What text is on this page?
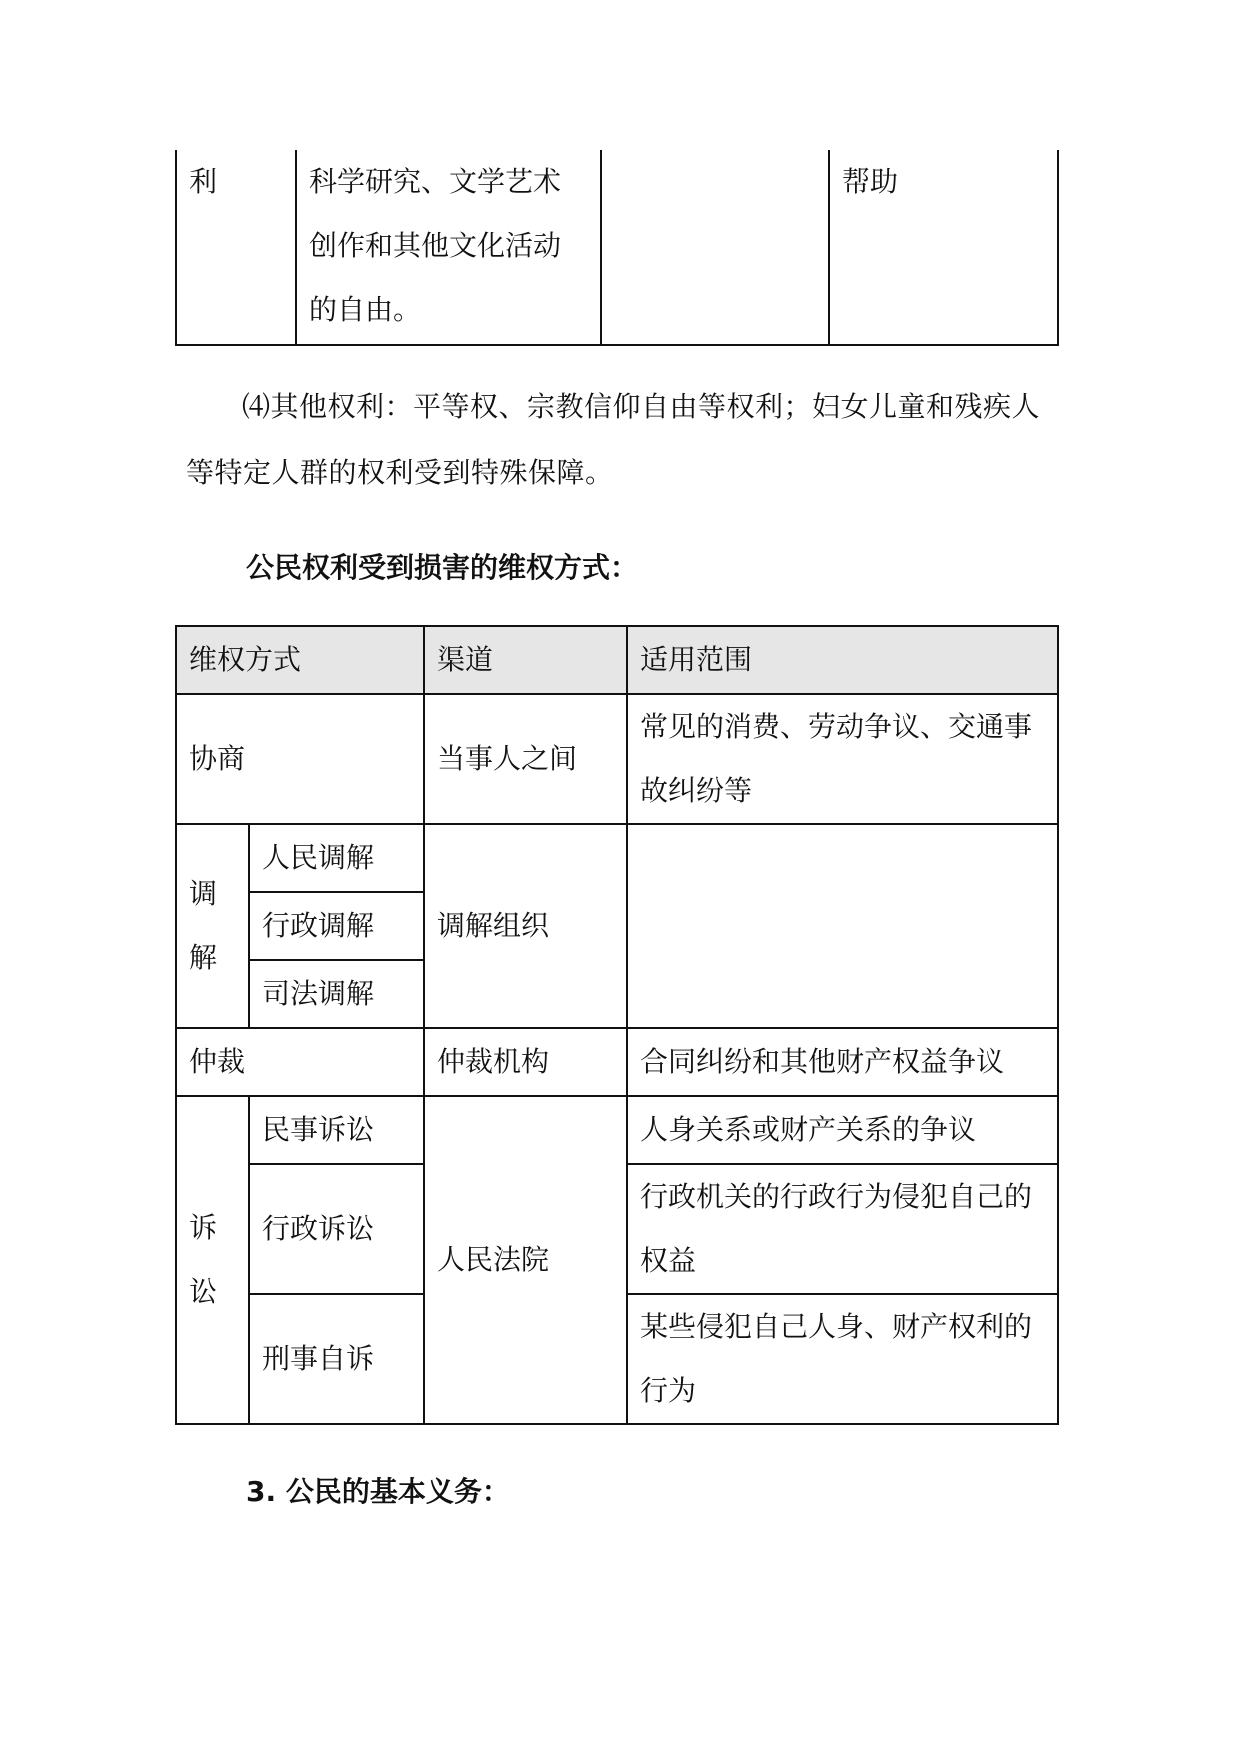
利	科学研究、文学艺术创作和其他文化活动的自由。		帮助
⑷其他权利：平等权、宗教信仰自由等权利；妇女儿童和残疾人等特定人群的权利受到特殊保障。
公民权利受到损害的维权方式：
维权方式		渠道	适用范围
协商		当事人之间	常见的消费、劳动争议、交通事故纠纷等

调解	人民调解	调解组织	
	行政调解		
	司法调解		
仲裁		仲裁机构	合同纠纷和其他财产权益争议

诉讼	民事诉讼	人民法院	人身关系或财产关系的争议
	行政诉讼		行政机关的行政行为侵犯自己的权益
	刑事自诉		某些侵犯自己人身、财产权利的行为
3. 公民的基本义务：
